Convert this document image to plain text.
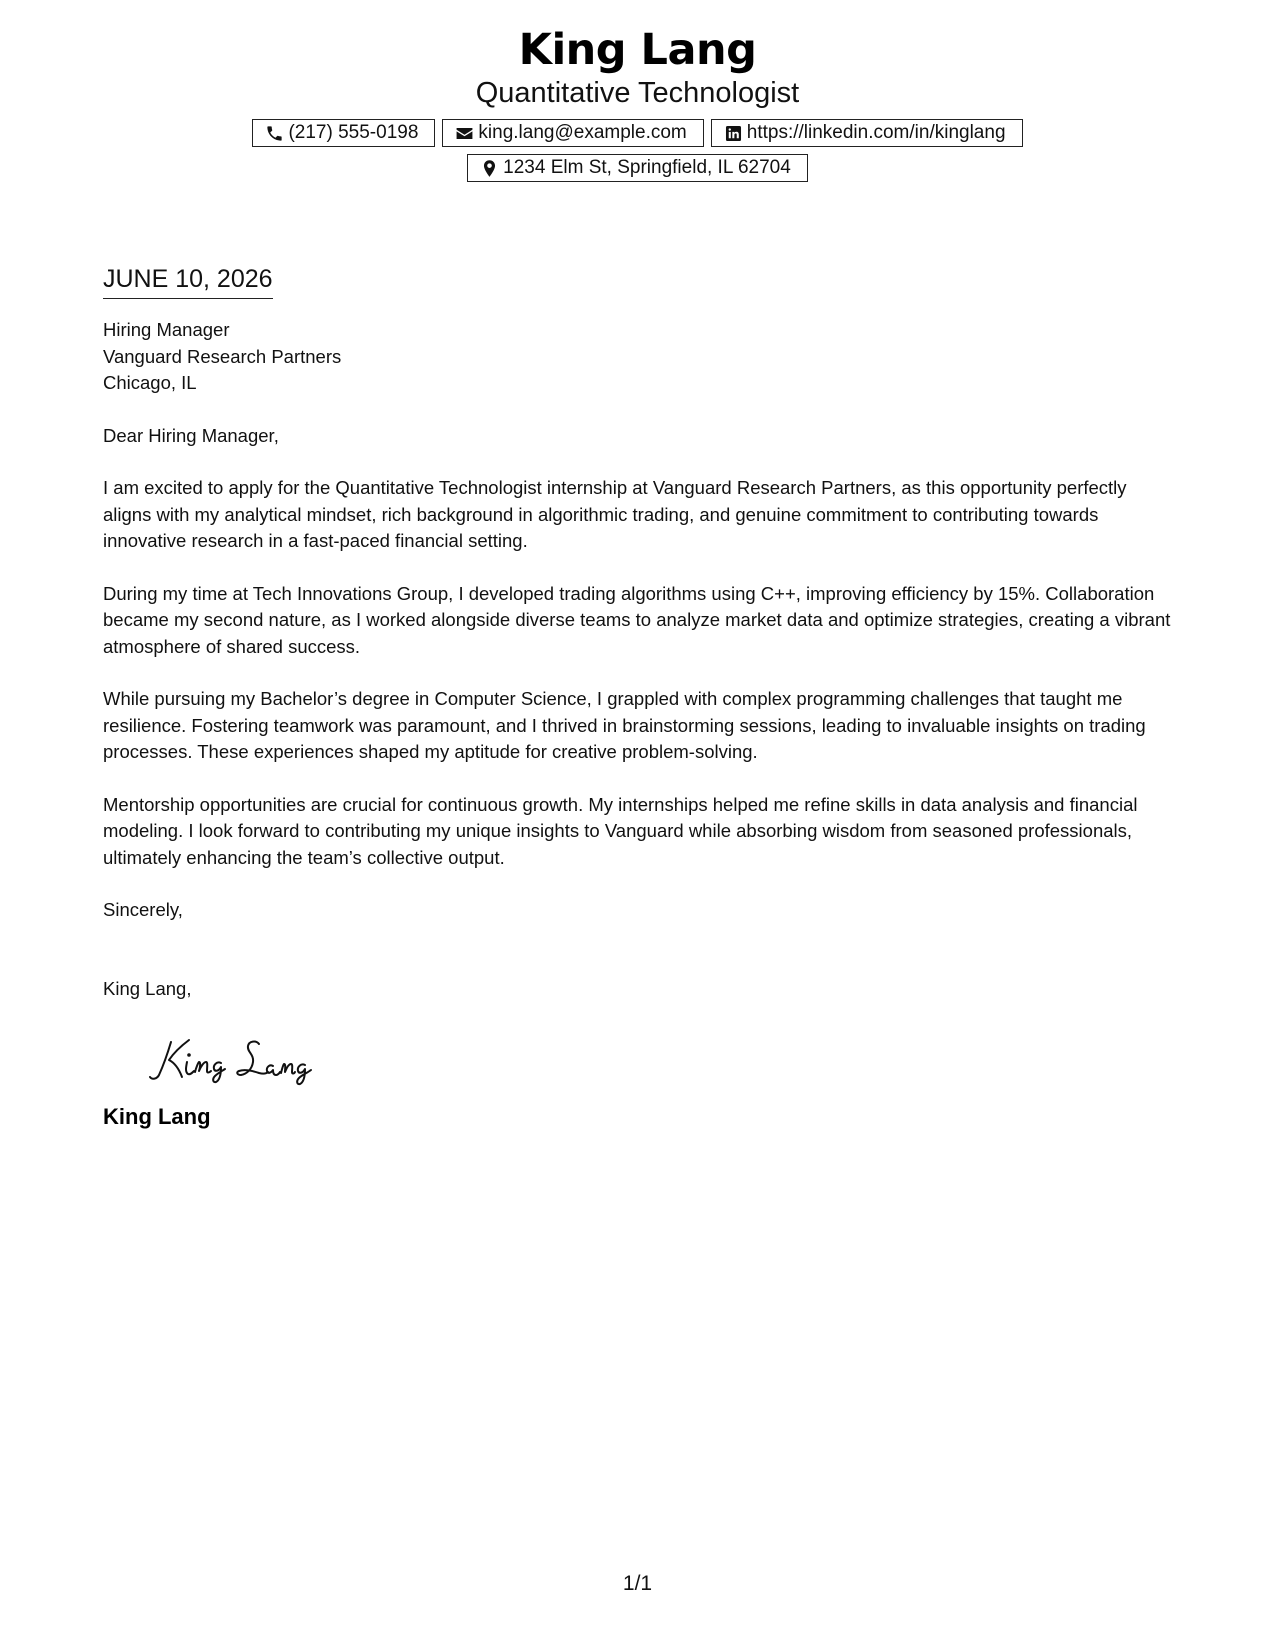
King Lang
Quantitative Technologist
(217) 555-0198	king.lang@example.com	https://linkedin.com/in/kinglang
1234 Elm St, Springfield, IL 62704
JUNE 10, 2026
Hiring Manager
Vanguard Research Partners
Chicago, IL

Dear Hiring Manager,

I am excited to apply for the Quantitative Technologist internship at Vanguard Research Partners, as this opportunity perfectly aligns with my analytical mindset, rich background in algorithmic trading, and genuine commitment to contributing towards innovative research in a fast-paced financial setting.

During my time at Tech Innovations Group, I developed trading algorithms using C++, improving efficiency by 15%. Collaboration became my second nature, as I worked alongside diverse teams to analyze market data and optimize strategies, creating a vibrant atmosphere of shared success.

While pursuing my Bachelor’s degree in Computer Science, I grappled with complex programming challenges that taught me resilience. Fostering teamwork was paramount, and I thrived in brainstorming sessions, leading to invaluable insights on trading processes. These experiences shaped my aptitude for creative problem-solving.

Mentorship opportunities are crucial for continuous growth. My internships helped me refine skills in data analysis and financial modeling. I look forward to contributing my unique insights to Vanguard while absorbing wisdom from seasoned professionals, ultimately enhancing the team’s collective output.

Sincerely,
King Lang,
King Lang
1/1
